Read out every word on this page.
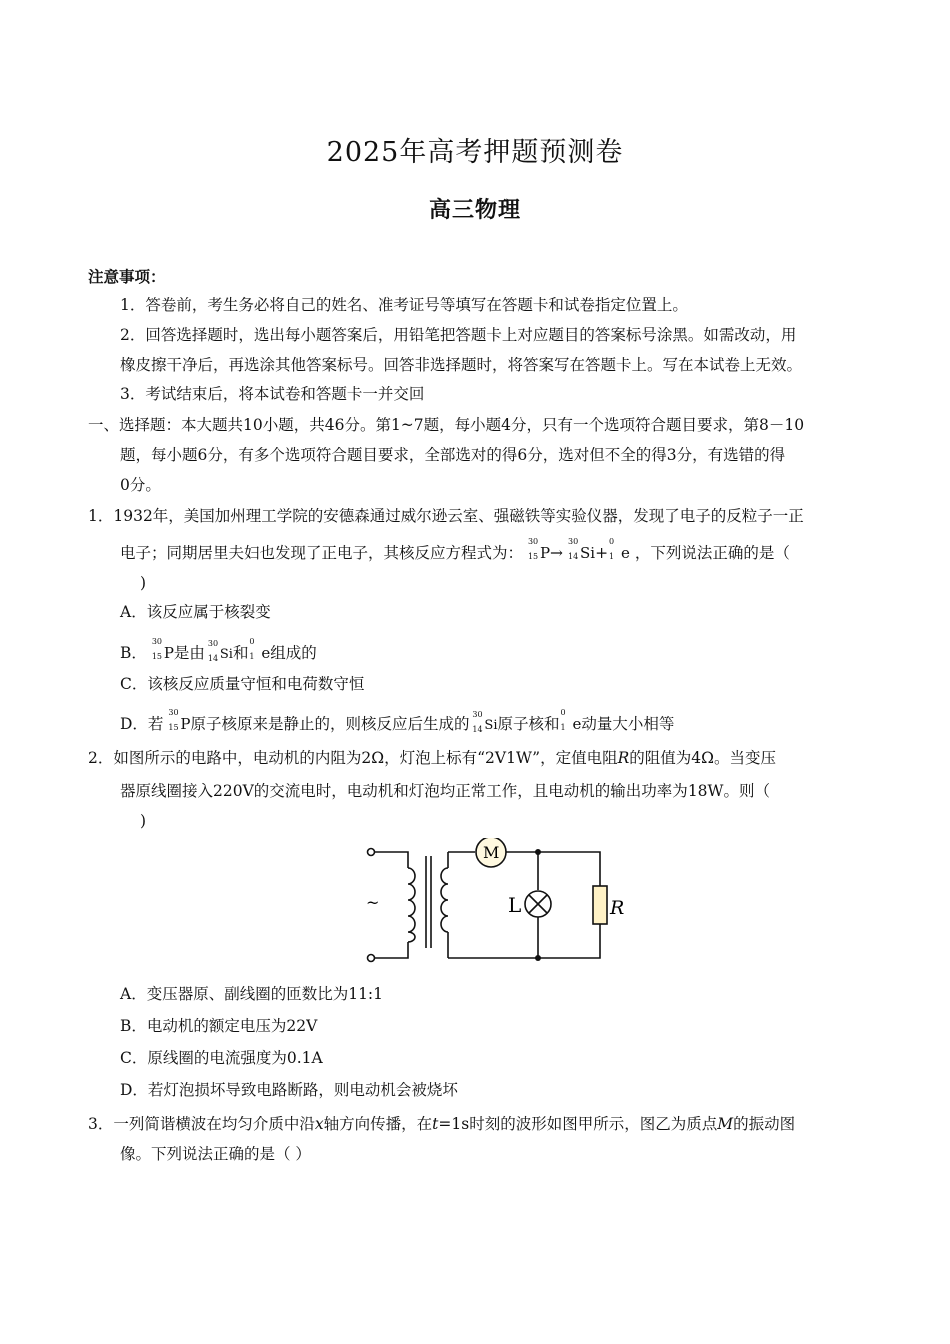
2025年高考押题预测卷
高三物理
注意事项：
1．答卷前，考生务必将自己的姓名、准考证号等填写在答题卡和试卷指定位置上。
2．回答选择题时，选出每小题答案后，用铅笔把答题卡上对应题目的答案标号涂黑。如需改动，用
橡皮擦干净后，再选涂其他答案标号。回答非选择题时，将答案写在答题卡上。写在本试卷上无效。
3．考试结束后，将本试卷和答题卡一并交回
一、选择题：本大题共10小题，共46分。第1~7题，每小题4分，只有一个选项符合题目要求，第8－10
题，每小题6分，有多个选项符合题目要求，全部选对的得6分，选对但不全的得3分，有选错的得
0分。
1．1932年，美国加州理工学院的安德森通过威尔逊云室、强磁铁等实验仪器，发现了电子的反粒子一正
电子；同期居里夫妇也发现了正电子，其核反应方程式为：
30
15 P→
30
14 Si+
0
1 e ，下列说法正确的是（
)
A．该反应属于核裂变
B．
30
15 P是由
30
14 Si和
0
1 e组成的
C．该核反应质量守恒和电荷数守恒
D．若
30
15 P原子核原来是静止的，则核反应后生成的
30
14 Si原子核和
0
1 e动量大小相等
2．如图所示的电路中，电动机的内阻为2Ω，灯泡上标有“2V1W”，定值电阻R的阻值为4Ω。当变压
器原线圈接入220V的交流电时，电动机和灯泡均正常工作，且电动机的输出功率为18W。则（
)
~
M
L	R
A．变压器原、副线圈的匝数比为11:1
B．电动机的额定电压为22V
C．原线圈的电流强度为0.1A
D．若灯泡损坏导致电路断路，则电动机会被烧坏
3．一列简谐横波在均匀介质中沿x轴方向传播，在t=1s时刻的波形如图甲所示，图乙为质点M的振动图
像。下列说法正确的是（ ）
